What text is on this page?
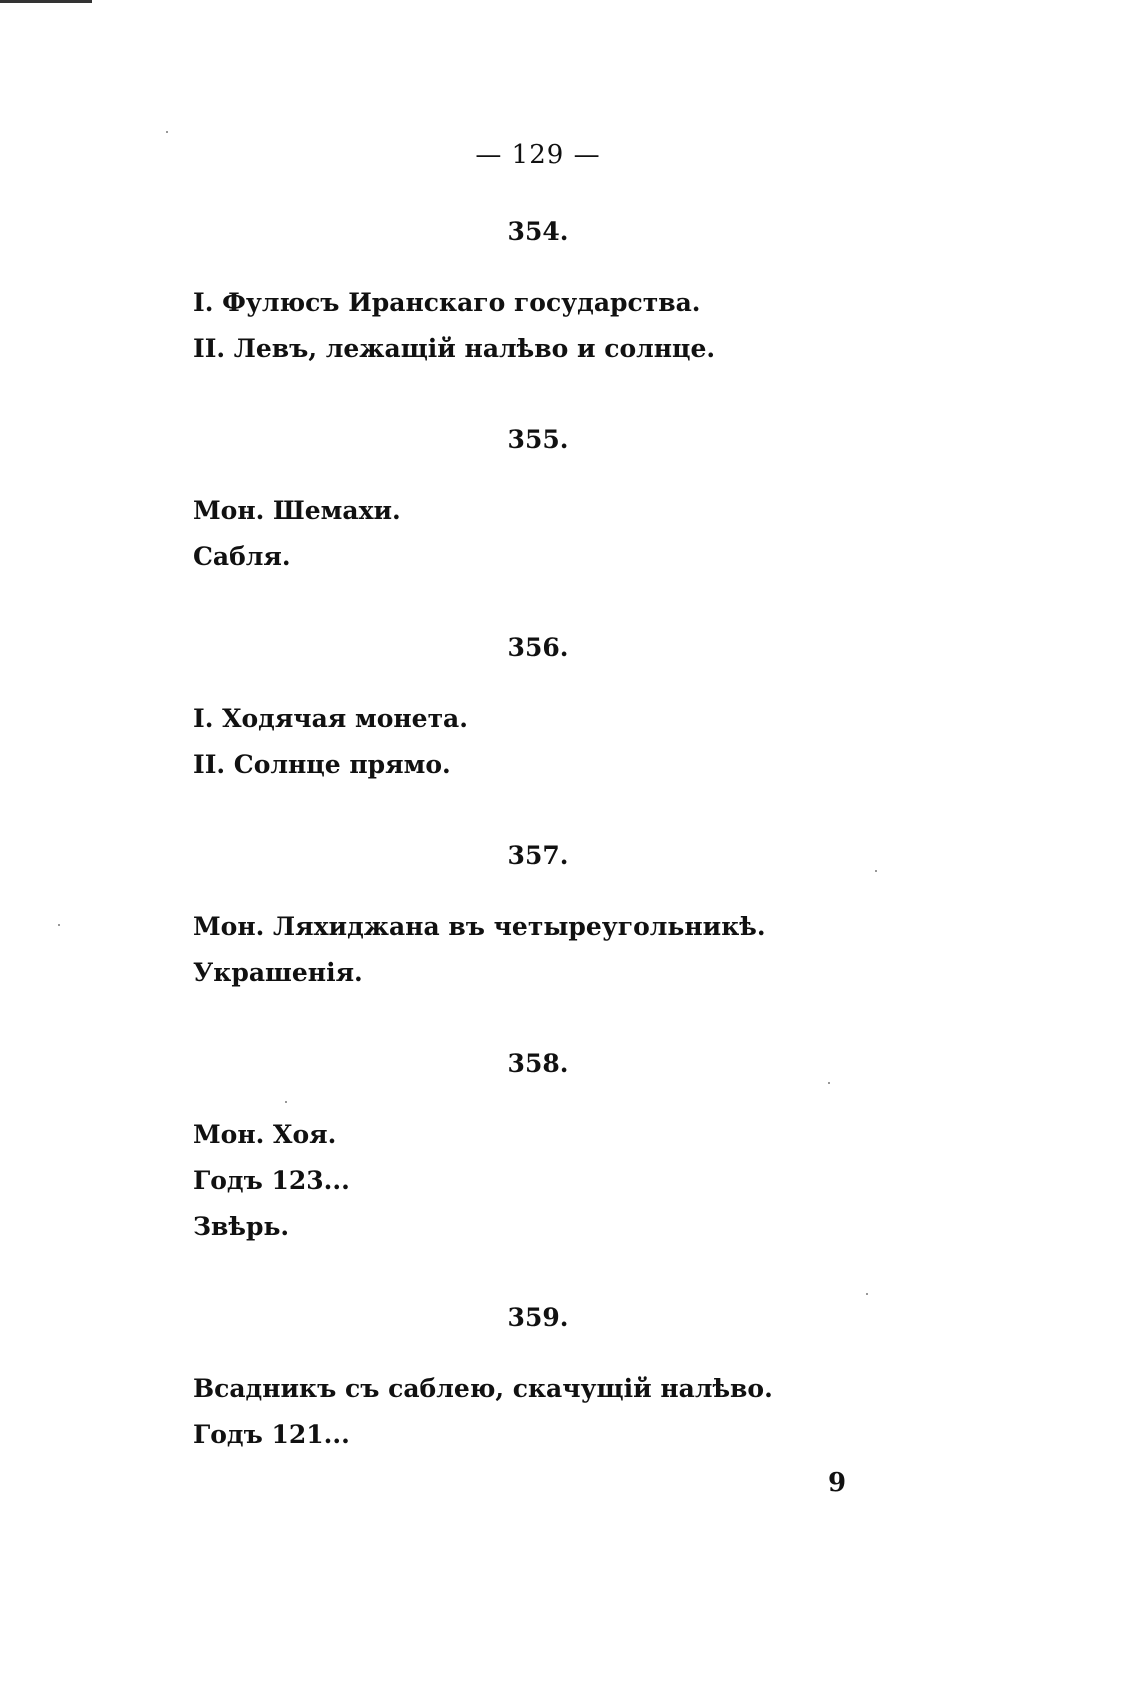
— 129 —
354.
I. Фулюсъ Иранскаго государства.
II. Левъ, лежащій налѣво и солнце.
355.
Мон. Шемахи.
Сабля.
356.
I. Ходячая монета.
II. Солнце прямо.
357.
Мон. Ляхиджана въ четыреугольникѣ.
Украшенія.
358.
Мон. Хоя.
Годъ 123...
Звѣрь.
359.
Всадникъ съ саблею, скачущій налѣво.
Годъ 121...
9
